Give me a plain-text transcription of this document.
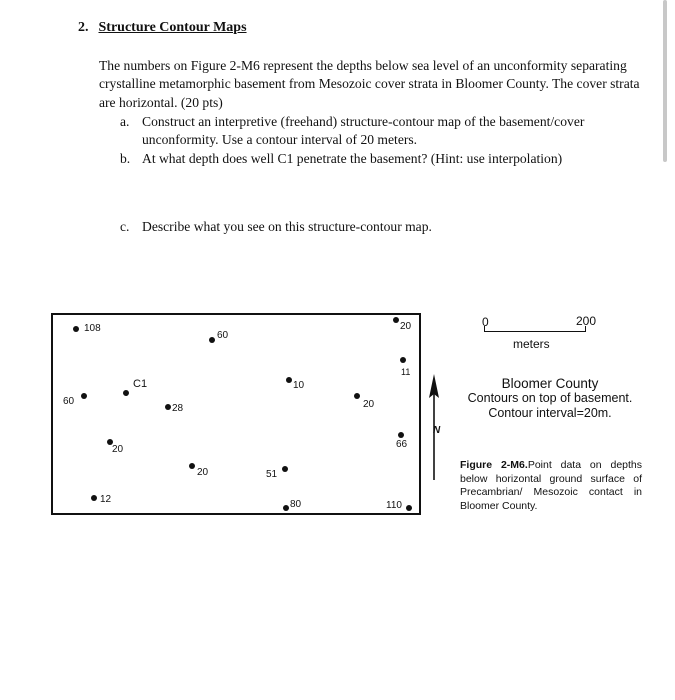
2. Structure Contour Maps
The numbers on Figure 2-M6 represent the depths below sea level of an unconformity separating crystalline metamorphic basement from Mesozoic cover strata in Bloomer County. The cover strata are horizontal. (20 pts)
a. Construct an interpretive (freehand) structure-contour map of the basement/cover unconformity. Use a contour interval of 20 meters.
b. At what depth does well C1 penetrate the basement? (Hint: use interpolation)
c. Describe what you see on this structure-contour map.
108
60
20
11
60
C1
28
10
20
20	66
20	51
12	80	110
0	200
meters
N
Bloomer County
Contours on top of basement.
Contour interval=20m.
Figure 2-M6.Point data on depths below horizontal ground surface of Precambrian/ Mesozoic contact in Bloomer County.
